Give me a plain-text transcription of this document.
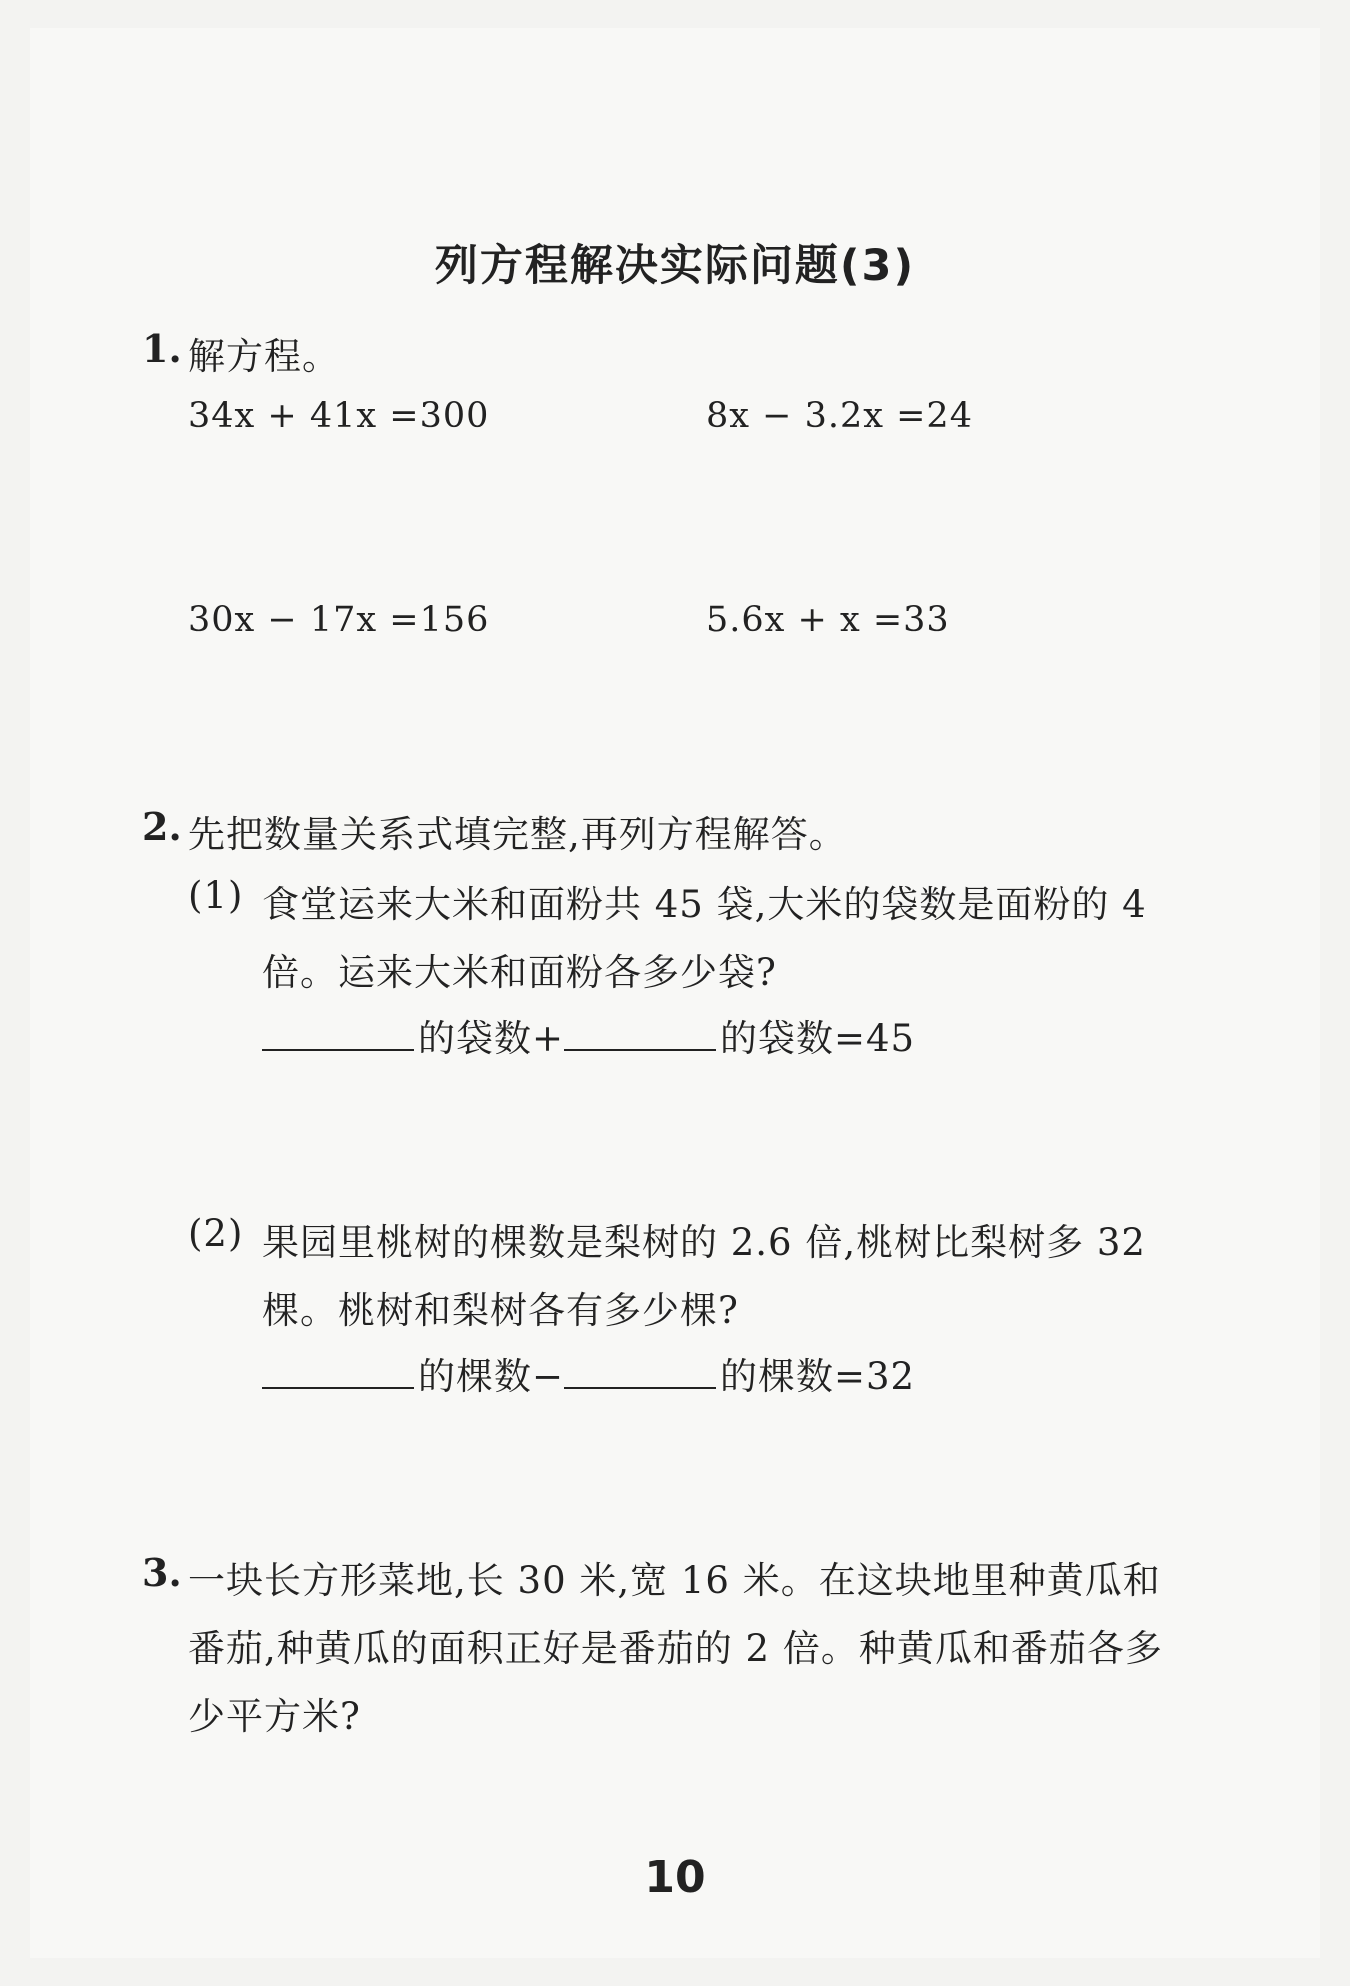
列方程解决实际问题(3)
1. 解方程。
34x + 41x =300	8x − 3.2x =24
30x − 17x =156	5.6x + x =33
2. 先把数量关系式填完整,再列方程解答。
(1) 食堂运来大米和面粉共 45 袋,大米的袋数是面粉的 4
倍。运来大米和面粉各多少袋?
的袋数+	的袋数=45
(2) 果园里桃树的棵数是梨树的 2.6 倍,桃树比梨树多 32
棵。桃树和梨树各有多少棵?
的棵数−	的棵数=32
3. 一块长方形菜地,长 30 米,宽 16 米。在这块地里种黄瓜和
番茄,种黄瓜的面积正好是番茄的 2 倍。种黄瓜和番茄各多
少平方米?
10
